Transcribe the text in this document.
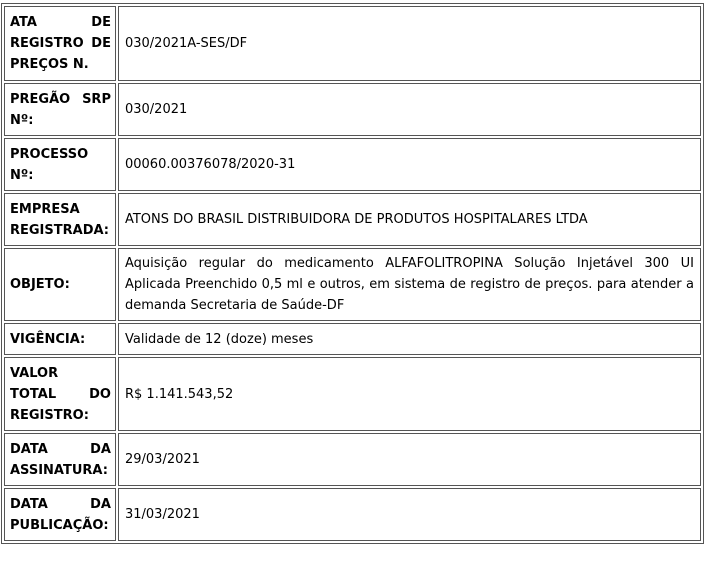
ATA DE
REGISTRO DE
PREÇOS N.	030/2021A-SES/DF

PREGÃO SRP
Nº:	030/2021

PROCESSO
Nº:	00060.00376078/2020-31

EMPRESA
REGISTRADA:	ATONS DO BRASIL DISTRIBUIDORA DE PRODUTOS HOSPITALARES LTDA

OBJETO:	Aquisição regular do medicamento ALFAFOLITROPINA Solução Injetável 300 UI Aplicada Preenchido 0,5 ml e outros, em sistema de registro de preços. para atender a demanda Secretaria de Saúde-DF

VIGÊNCIA:	Validade de 12 (doze) meses

VALOR
TOTAL DO
REGISTRO:	R$ 1.141.543,52

DATA DA
ASSINATURA:	29/03/2021

DATA DA
PUBLICAÇÃO:	31/03/2021
